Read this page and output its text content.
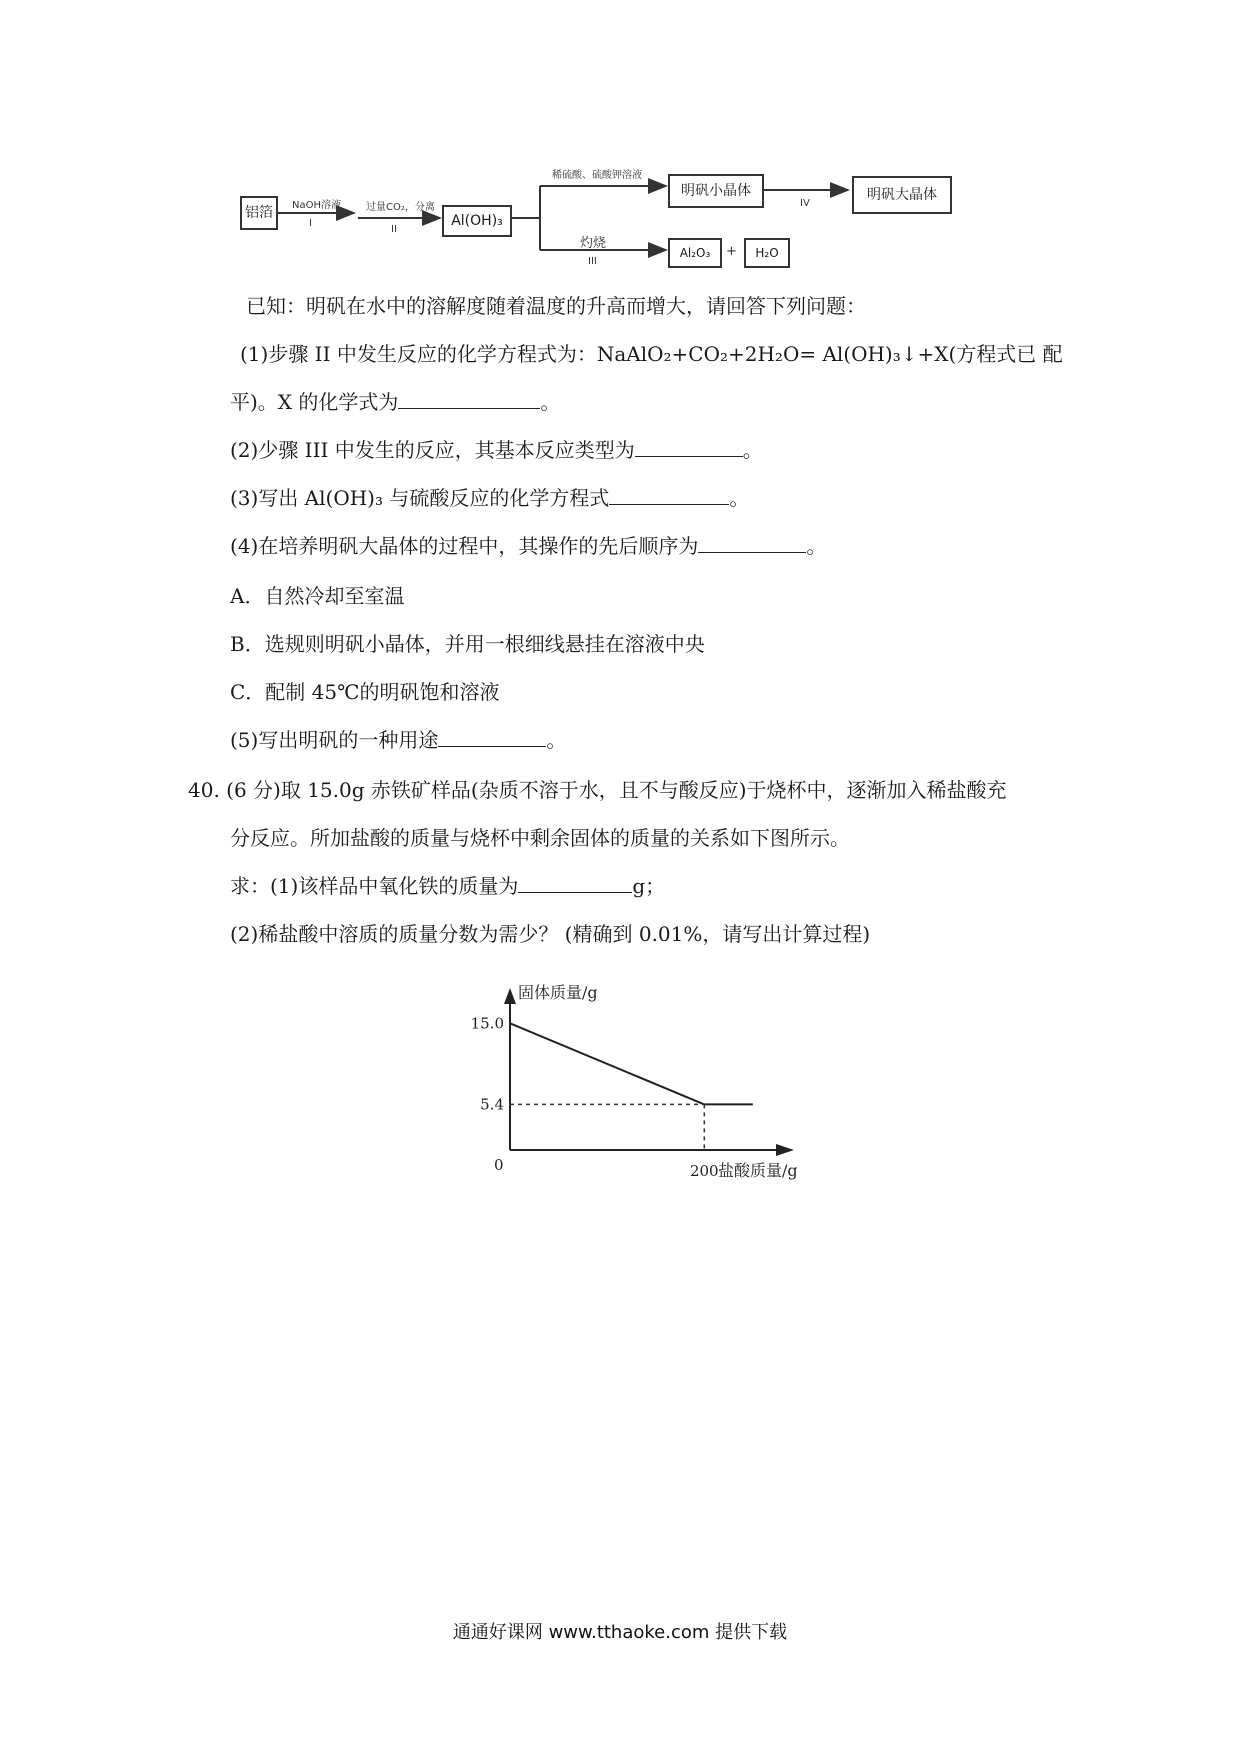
铝箔	NaOH溶液
I
过量CO₂，分离
II
Al(OH)₃
稀硫酸、硫酸钾溶液
明矾小晶体
IV
明矾大晶体
灼烧
III
Al₂O₃	+	H₂O
已知：明矾在水中的溶解度随着温度的升高而增大，请回答下列问题：
(1)步骤 II 中发生反应的化学方程式为：NaAlO₂+CO₂+2H₂O= Al(OH)₃↓+X(方程式已 配
平)。X 的化学式为	。
(2)少骤 III 中发生的反应，其基本反应类型为	。
(3)写出 Al(OH)₃ 与硫酸反应的化学方程式	。
(4)在培养明矾大晶体的过程中，其操作的先后顺序为	。
A．自然冷却至室温
B．选规则明矾小晶体，并用一根细线悬挂在溶液中央
C．配制 45℃的明矾饱和溶液
(5)写出明矾的一种用途	。
40. (6 分)取 15.0g 赤铁矿样品(杂质不溶于水，且不与酸反应)于烧杯中，逐渐加入稀盐酸充
分反应。所加盐酸的质量与烧杯中剩余固体的质量的关系如下图所示。
求：(1)该样品中氧化铁的质量为	g；
(2)稀盐酸中溶质的质量分数为需少？ (精确到 0.01%，请写出计算过程)
固体质量/g
盐酸质量/g
0
15.0
5.4
200
通通好课网 www.tthaoke.com 提供下载
